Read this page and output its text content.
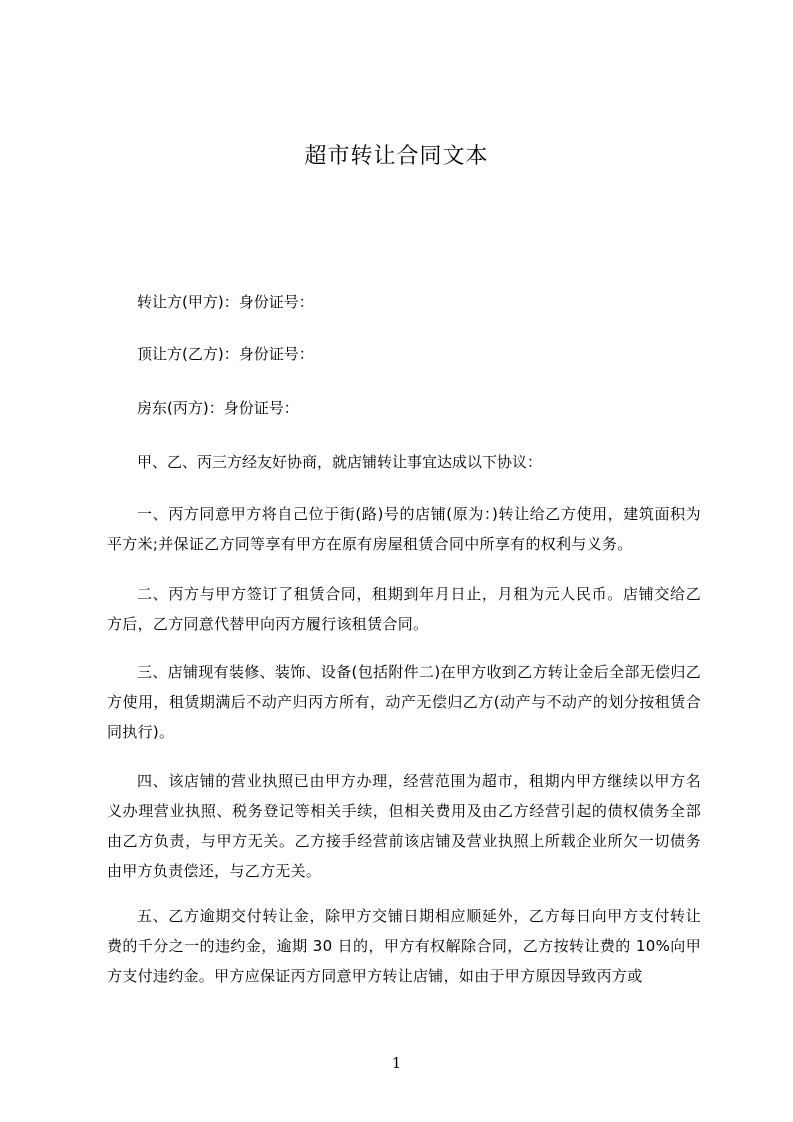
超市转让合同文本
转让方(甲方)：身份证号：
顶让方(乙方)：身份证号：
房东(丙方)：身份证号：
甲、乙、丙三方经友好协商，就店铺转让事宜达成以下协议：
一、丙方同意甲方将自己位于街(路)号的店铺(原为：)转让给乙方使用，建筑面积为平方米;并保证乙方同等享有甲方在原有房屋租赁合同中所享有的权利与义务。
二、丙方与甲方签订了租赁合同，租期到年月日止，月租为元人民币。店铺交给乙方后，乙方同意代替甲向丙方履行该租赁合同。
三、店铺现有装修、装饰、设备(包括附件二)在甲方收到乙方转让金后全部无偿归乙方使用，租赁期满后不动产归丙方所有，动产无偿归乙方(动产与不动产的划分按租赁合同执行)。
四、该店铺的营业执照已由甲方办理，经营范围为超市，租期内甲方继续以甲方名义办理营业执照、税务登记等相关手续，但相关费用及由乙方经营引起的债权债务全部由乙方负责，与甲方无关。乙方接手经营前该店铺及营业执照上所载企业所欠一切债务由甲方负责偿还，与乙方无关。
五、乙方逾期交付转让金，除甲方交铺日期相应顺延外，乙方每日向甲方支付转让费的千分之一的违约金，逾期 30 日的，甲方有权解除合同，乙方按转让费的 10%向甲方支付违约金。甲方应保证丙方同意甲方转让店铺，如由于甲方原因导致丙方或
1
